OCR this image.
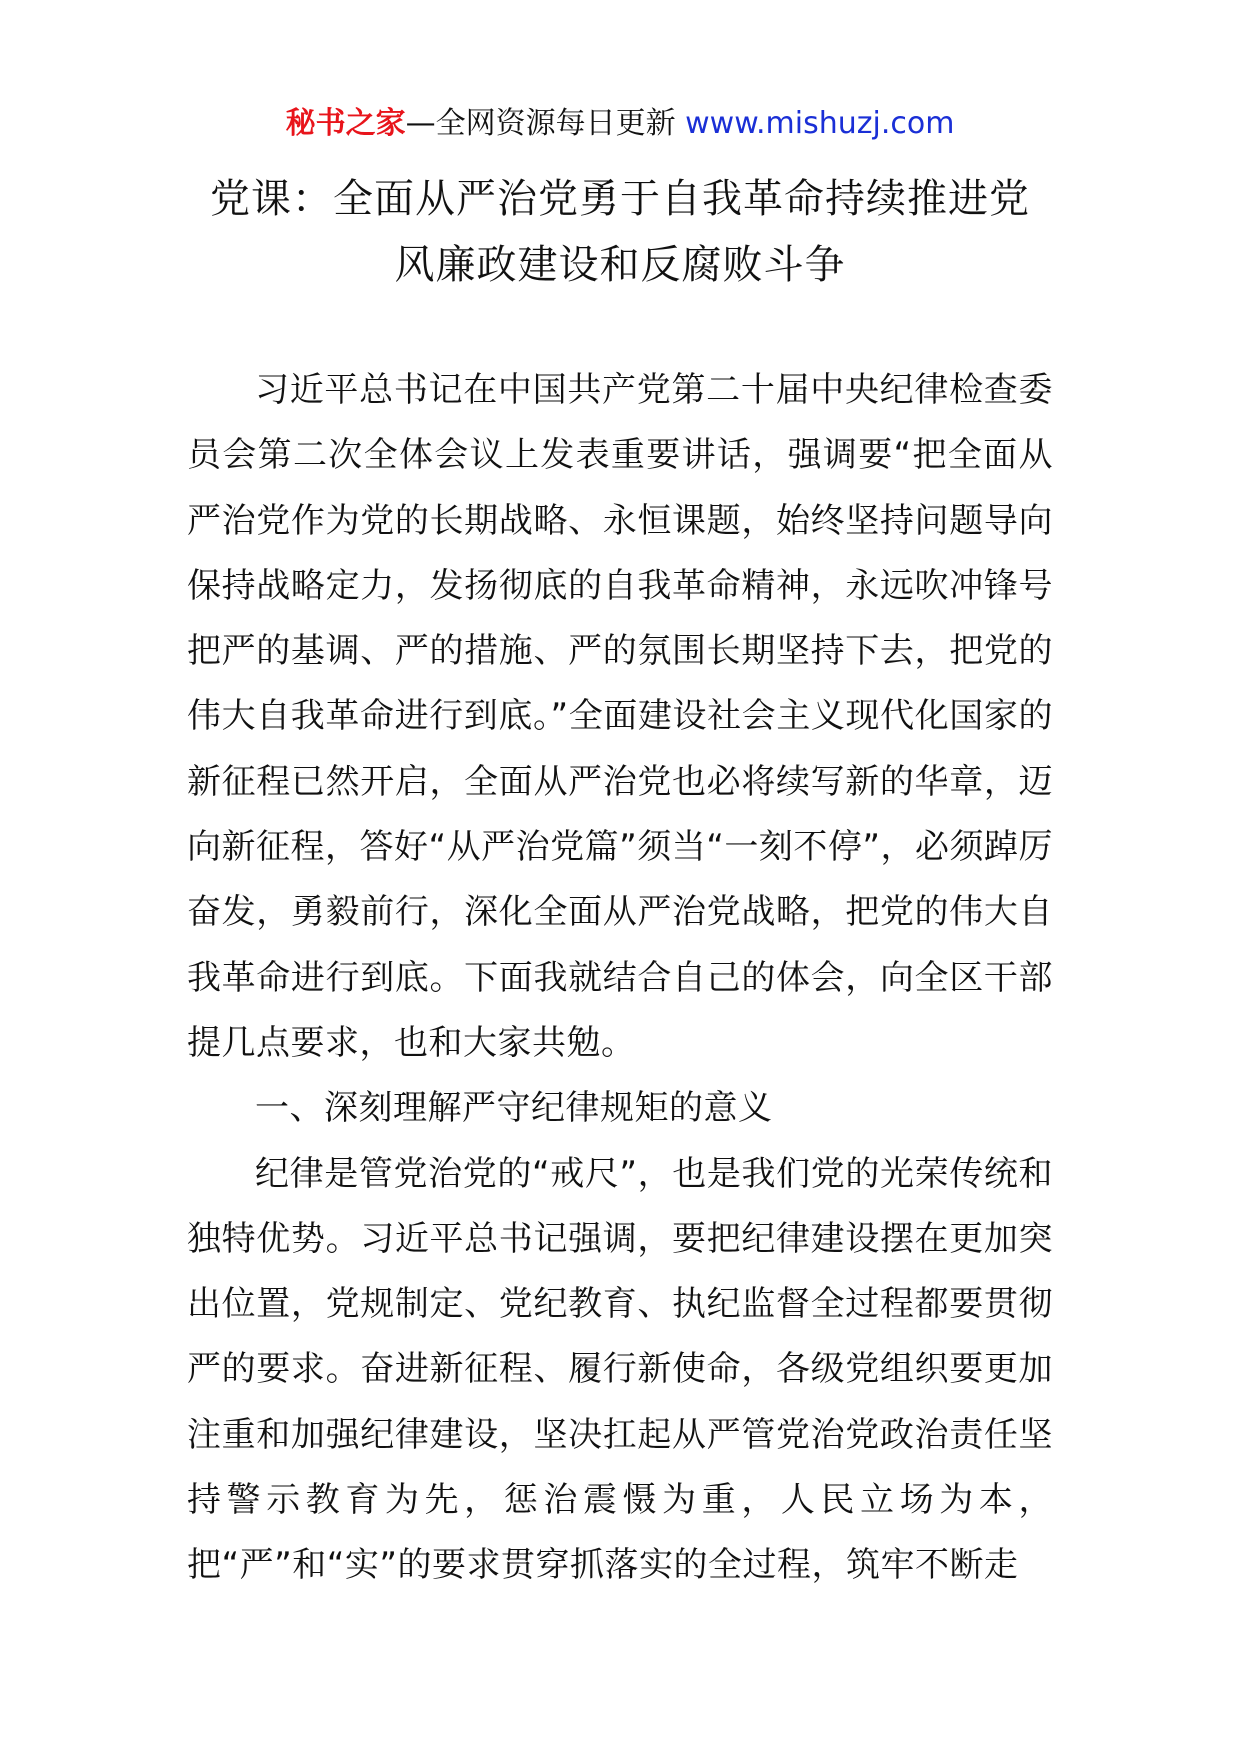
秘书之家—全网资源每日更新 www.mishuzj.com
党课：全面从严治党勇于自我革命持续推进党
风廉政建设和反腐败斗争

习近平总书记在中国共产党第二十届中央纪律检查委员会第二次全体会议上发表重要讲话，强调要“把全面从严治党作为党的长期战略、永恒课题，始终坚持问题导向保持战略定力，发扬彻底的自我革命精神，永远吹冲锋号把严的基调、严的措施、严的氛围长期坚持下去，把党的伟大自我革命进行到底。”全面建设社会主义现代化国家的新征程已然开启，全面从严治党也必将续写新的华章，迈向新征程，答好“从严治党篇”须当“一刻不停”，必须踔厉奋发，勇毅前行，深化全面从严治党战略，把党的伟大自我革命进行到底。下面我就结合自己的体会，向全区干部提几点要求，也和大家共勉。

一、深刻理解严守纪律规矩的意义

纪律是管党治党的“戒尺”，也是我们党的光荣传统和独特优势。习近平总书记强调，要把纪律建设摆在更加突出位置，党规制定、党纪教育、执纪监督全过程都要贯彻严的要求。奋进新征程、履行新使命，各级党组织要更加注重和加强纪律建设，坚决扛起从严管党治党政治责任坚持警示教育为先，惩治震慑为重，人民立场为本，把“严”和“实”的要求贯穿抓落实的全过程，筑牢不断走
